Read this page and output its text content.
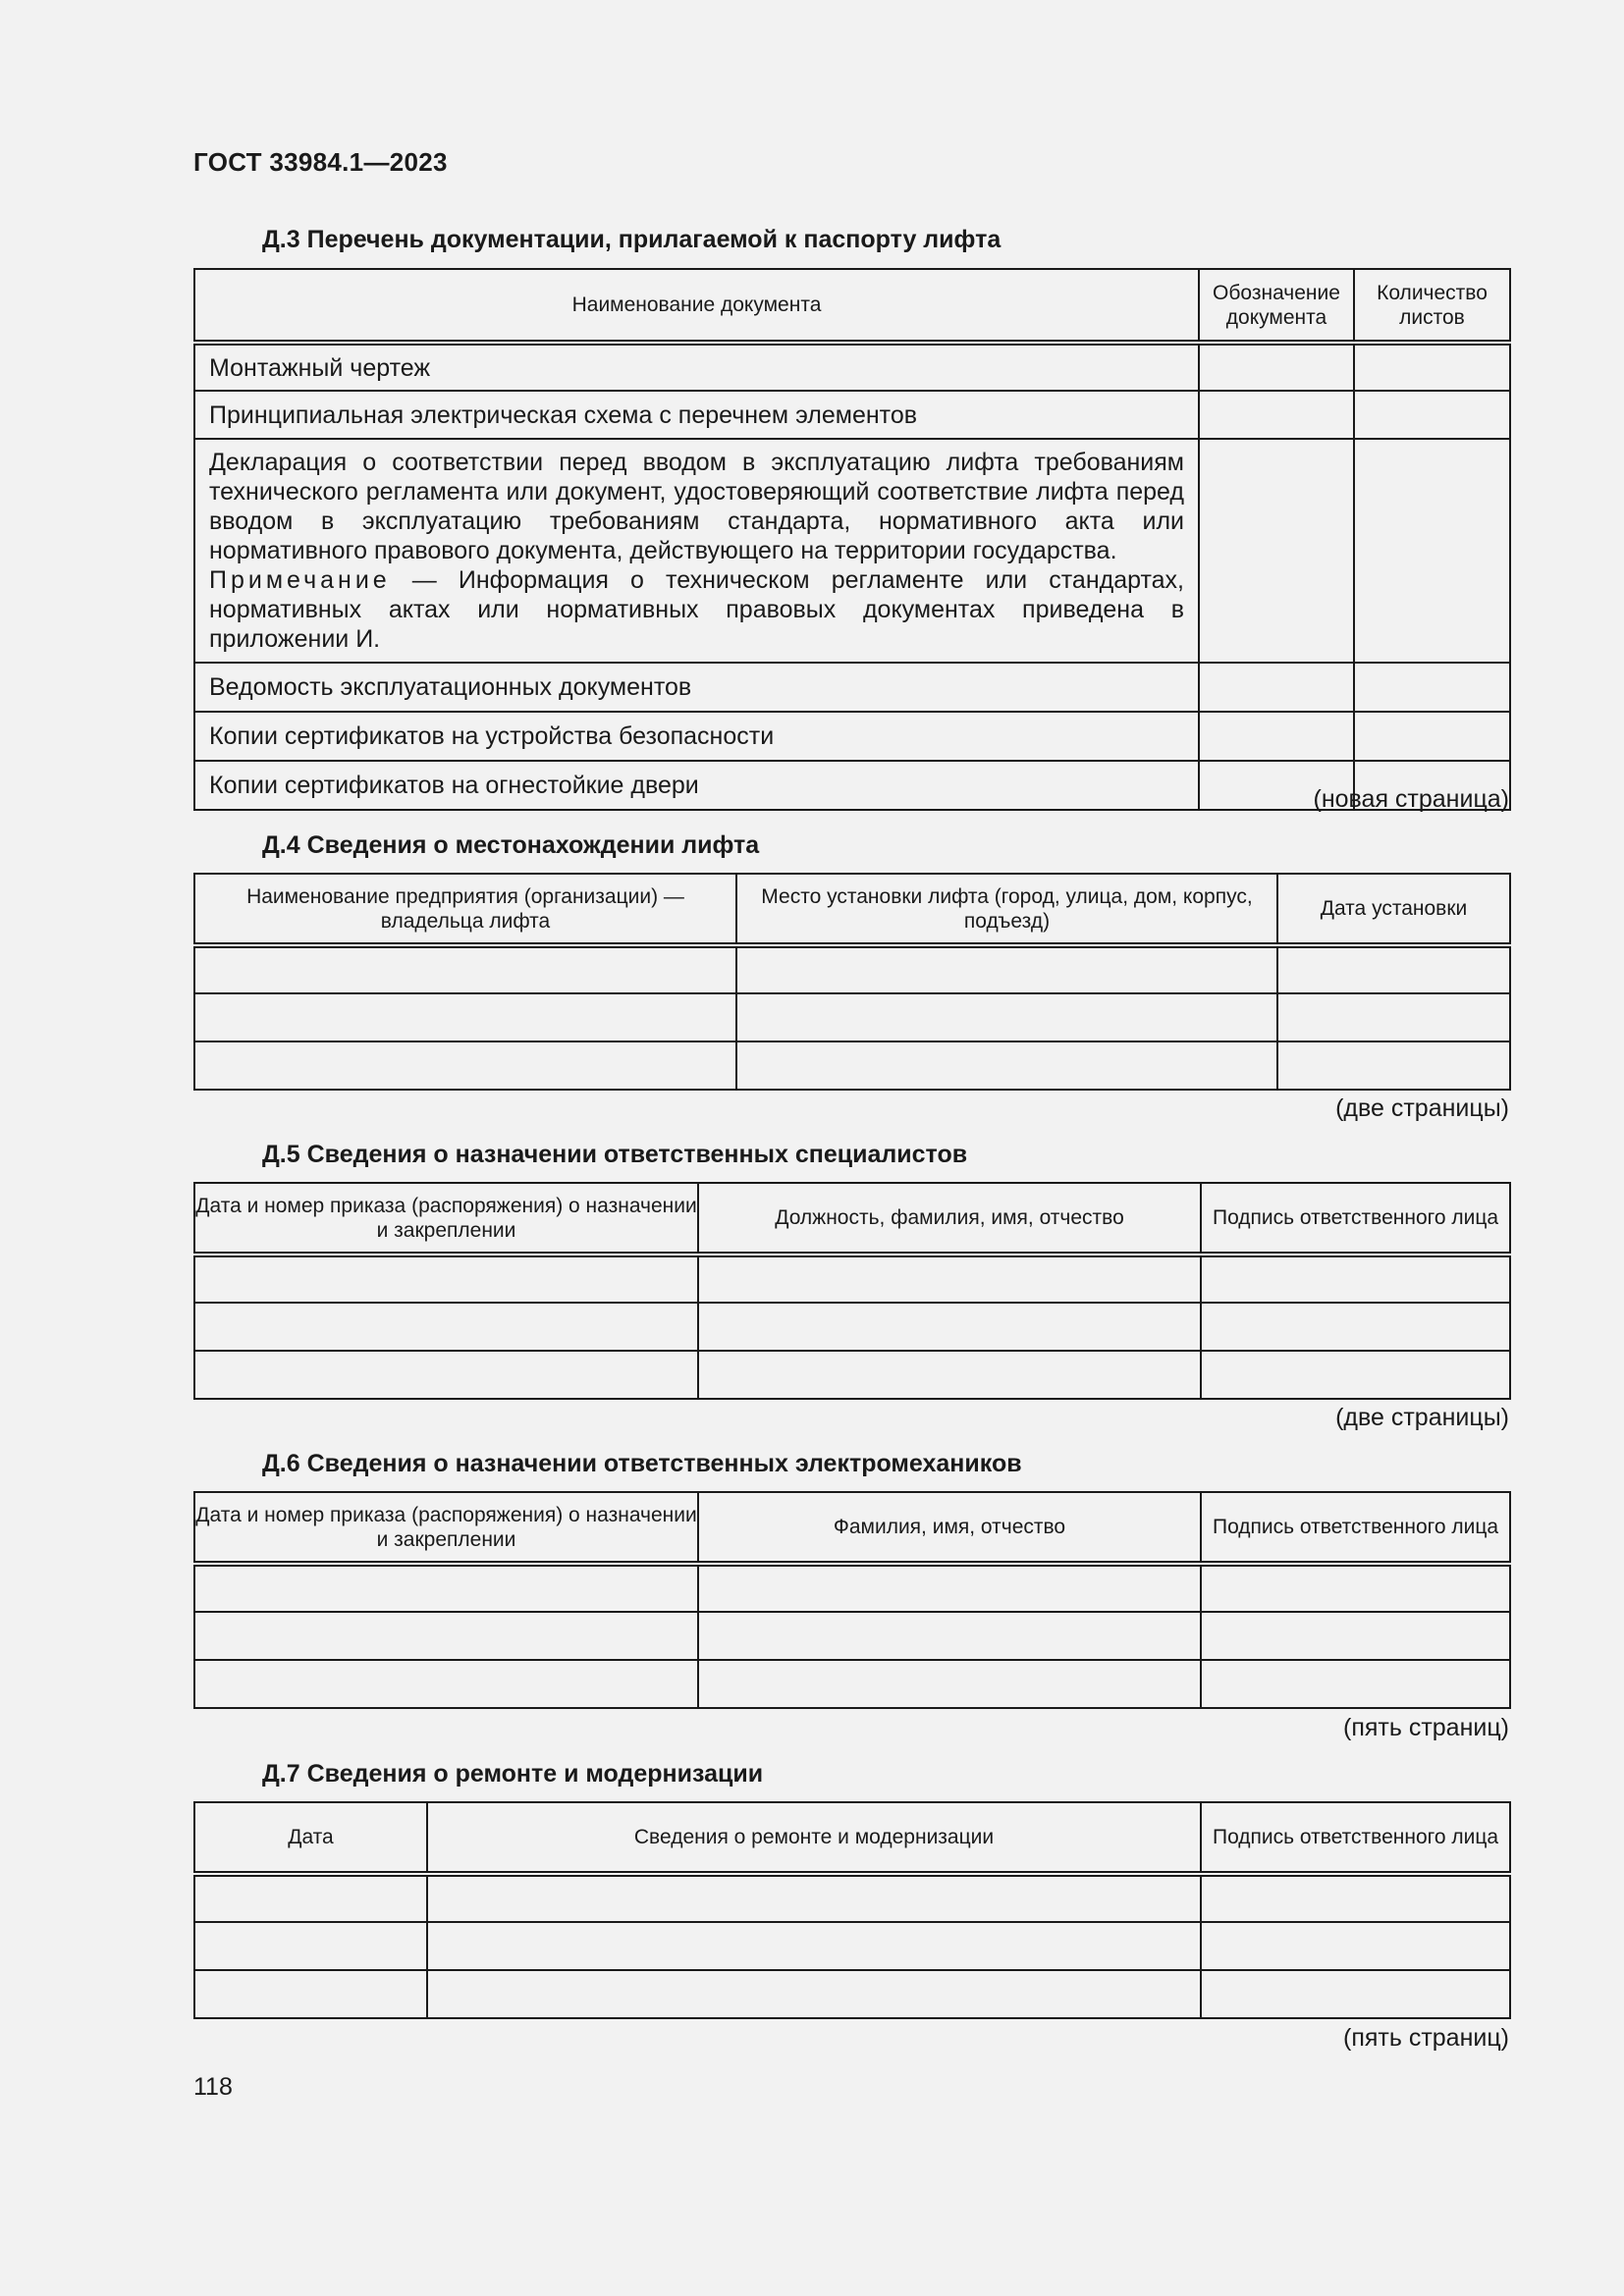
ГОСТ 33984.1—2023
Д.3 Перечень документации, прилагаемой к паспорту лифта
Наименование документа	Обозначение документа	Количество листов
Монтажный чертеж		
Принципиальная электрическая схема с перечнем элементов		
Декларация о соответствии перед вводом в эксплуатацию лифта требованиям технического регламента или документ, удостоверяющий соответствие лифта перед вводом в эксплуатацию требованиям стандарта, нормативного акта или нормативного правового документа, действующего на территории государства.
Примечание — Информация о техническом регламенте или стандартах, нормативных актах или нормативных правовых документах приведена в приложении И.		
Ведомость эксплуатационных документов		
Копии сертификатов на устройства безопасности		
Копии сертификатов на огнестойкие двери			(новая страница)
Д.4 Сведения о местонахождении лифта
Наименование предприятия (организации) — владельца лифта	Место установки лифта (город, улица, дом, корпус, подъезд)	Дата установки

(две страницы)
Д.5 Сведения о назначении ответственных специалистов
Дата и номер приказа (распоряжения) о назначении и закреплении	Должность, фамилия, имя, отчество	Подпись ответственного лица

(две страницы)
Д.6 Сведения о назначении ответственных электромехаников
Дата и номер приказа (распоряжения) о назначении и закреплении	Фамилия, имя, отчество	Подпись ответственного лица

(пять страниц)
Д.7 Сведения о ремонте и модернизации
Дата	Сведения о ремонте и модернизации	Подпись ответственного лица

(пять страниц)
118
